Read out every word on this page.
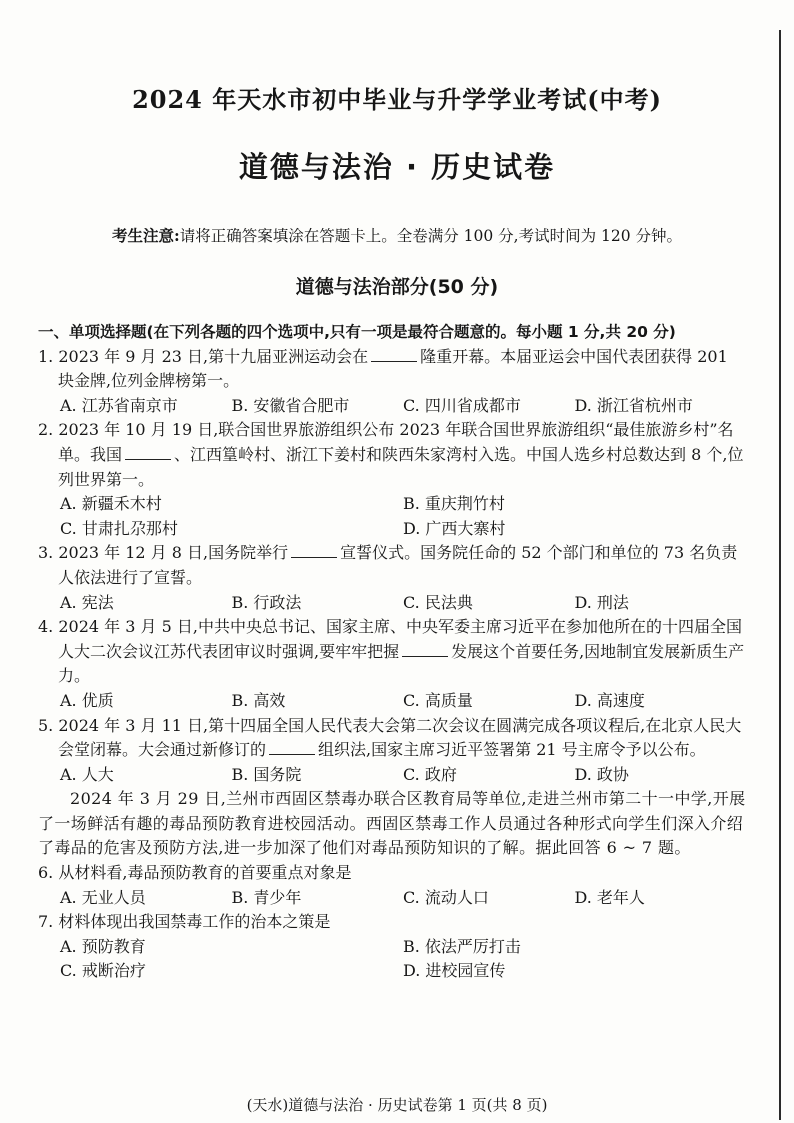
2024 年天水市初中毕业与升学学业考试(中考)
道德与法治 · 历史试卷
考生注意:请将正确答案填涂在答题卡上。全卷满分 100 分,考试时间为 120 分钟。
道德与法治部分(50 分)

一、单项选择题(在下列各题的四个选项中,只有一项是最符合题意的。每小题 1 分,共 20 分)

1. 2023 年 9 月 23 日,第十九届亚洲运动会在	隆重开幕。本届亚运会中国代表团获得 201 块金牌,位列金牌榜第一。
A. 江苏省南京市	B. 安徽省合肥市	C. 四川省成都市	D. 浙江省杭州市
2. 2023 年 10 月 19 日,联合国世界旅游组织公布 2023 年联合国世界旅游组织“最佳旅游乡村”名单。我国	、江西篁岭村、浙江下姜村和陕西朱家湾村入选。中国人选乡村总数达到 8 个,位列世界第一。
A. 新疆禾木村	B. 重庆荆竹村
C. 甘肃扎尕那村	D. 广西大寨村
3. 2023 年 12 月 8 日,国务院举行	宣誓仪式。国务院任命的 52 个部门和单位的 73 名负责人依法进行了宣誓。
A. 宪法	B. 行政法	C. 民法典	D. 刑法
4. 2024 年 3 月 5 日,中共中央总书记、国家主席、中央军委主席习近平在参加他所在的十四届全国人大二次会议江苏代表团审议时强调,要牢牢把握	发展这个首要任务,因地制宜发展新质生产力。
A. 优质	B. 高效	C. 高质量	D. 高速度
5. 2024 年 3 月 11 日,第十四届全国人民代表大会第二次会议在圆满完成各项议程后,在北京人民大会堂闭幕。大会通过新修订的	组织法,国家主席习近平签署第 21 号主席令予以公布。
A. 人大	B. 国务院	C. 政府	D. 政协
2024 年 3 月 29 日,兰州市西固区禁毒办联合区教育局等单位,走进兰州市第二十一中学,开展了一场鲜活有趣的毒品预防教育进校园活动。西固区禁毒工作人员通过各种形式向学生们深入介绍了毒品的危害及预防方法,进一步加深了他们对毒品预防知识的了解。据此回答 6 ~ 7 题。
6. 从材料看,毒品预防教育的首要重点对象是
A. 无业人员	B. 青少年	C. 流动人口	D. 老年人
7. 材料体现出我国禁毒工作的治本之策是
A. 预防教育	B. 依法严厉打击
C. 戒断治疗	D. 进校园宣传
(天水)道德与法治 · 历史试卷第 1 页(共 8 页)
